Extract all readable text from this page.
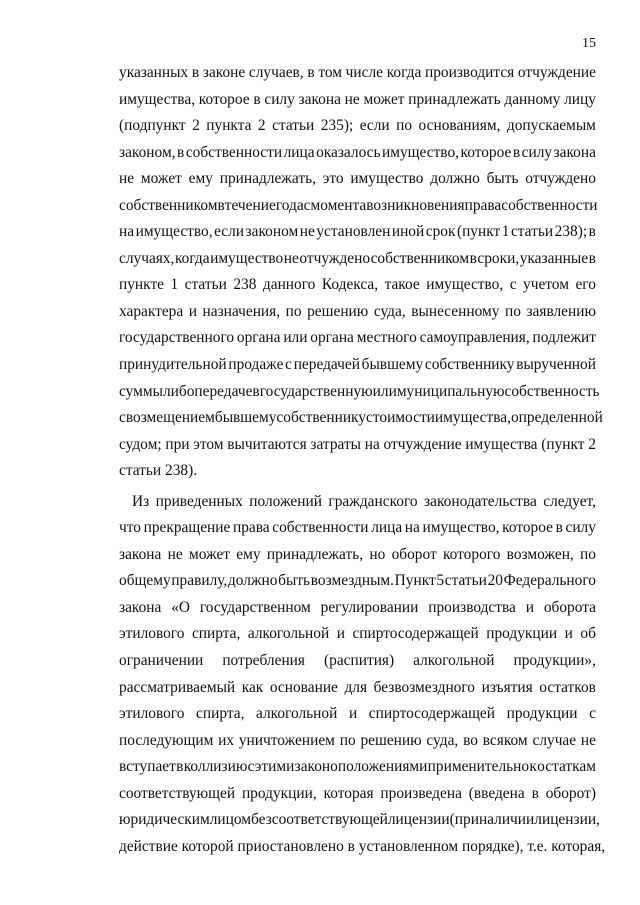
15
указанных в законе случаев, в том числе когда производится отчуждение
имущества, которое в силу закона не может принадлежать данному лицу
(подпункт 2 пункта 2 статьи 235); если по основаниям, допускаемым
законом, в собственности лица оказалось имущество, которое в силу закона
не может ему принадлежать, это имущество должно быть отчуждено
собственником в течение года с момента возникновения права собственности
на имущество, если законом не установлен иной срок (пункт 1 статьи 238); в
случаях, когда имущество не отчуждено собственником в сроки, указанные в
пункте 1 статьи 238 данного Кодекса, такое имущество, с учетом его
характера и назначения, по решению суда, вынесенному по заявлению
государственного органа или органа местного самоуправления, подлежит
принудительной продаже с передачей бывшему собственнику вырученной
суммы либо передаче в государственную или муниципальную собственность
с возмещением бывшему собственнику стоимости имущества, определенной
судом; при этом вычитаются затраты на отчуждение имущества (пункт 2
статьи 238).
Из приведенных положений гражданского законодательства следует,
что прекращение права собственности лица на имущество, которое в силу
закона не может ему принадлежать, но оборот которого возможен, по
общему правилу, должно быть возмездным. Пункт 5 статьи 20 Федерального
закона «О государственном регулировании производства и оборота
этилового спирта, алкогольной и спиртосодержащей продукции и об
ограничении потребления (распития) алкогольной продукции»,
рассматриваемый как основание для безвозмездного изъятия остатков
этилового спирта, алкогольной и спиртосодержащей продукции с
последующим их уничтожением по решению суда, во всяком случае не
вступает в коллизию с этими законоположениями применительно к остаткам
соответствующей продукции, которая произведена (введена в оборот)
юридическим лицом без соответствующей лицензии (при наличии лицензии,
действие которой приостановлено в установленном порядке), т.е. которая,
